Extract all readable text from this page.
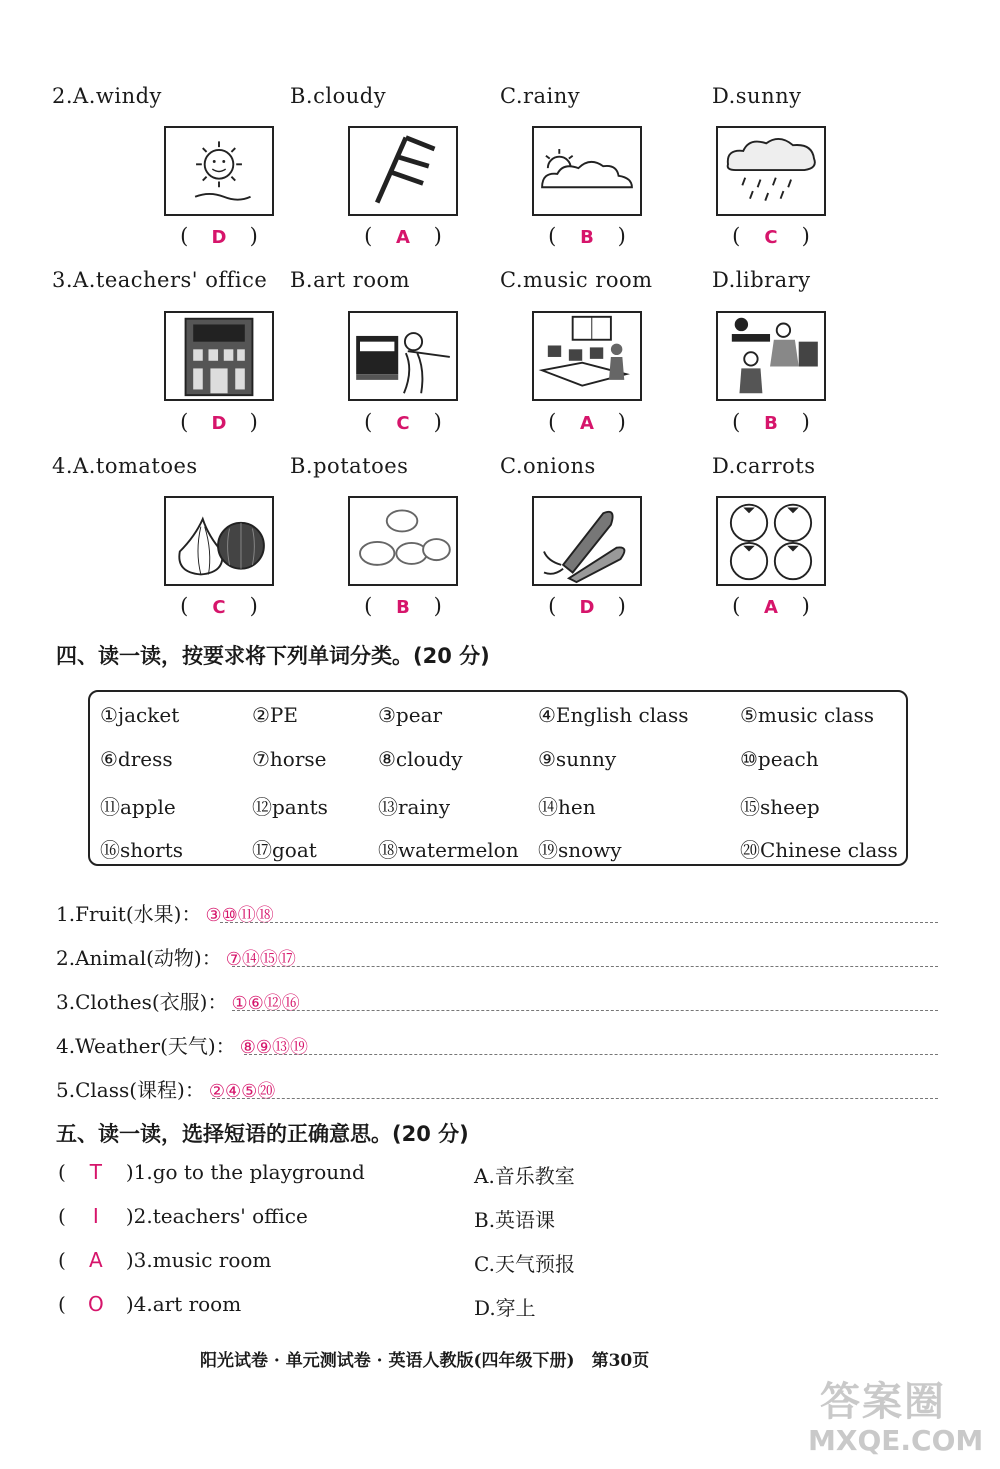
2.A.windy	B.cloudy	C.rainy	D.sunny
( D )	( A )	( B )	( C )
3.A.teachers' office B.art room	C.music room	D.library
( D )	( C )	( A )	( B )
4.A.tomatoes	B.potatoes	C.onions	D.carrots
( C )	( B )	( D )	( A )
四、读一读，按要求将下列单词分类。(20 分)
①jacket	②PE	③pear	④English class	⑤music class
⑥dress	⑦horse	⑧cloudy	⑨sunny	⑩peach
⑪apple	⑫pants	⑬rainy	⑭hen	⑮sheep
⑯shorts	⑰goat	⑱watermelon ⑲snowy	⑳Chinese class
1.Fruit(水果)： ③⑩⑪⑱
2.Animal(动物)： ⑦⑭⑮⑰
3.Clothes(衣服)： ①⑥⑫⑯
4.Weather(天气)： ⑧⑨⑬⑲
5.Class(课程)： ②④⑤⑳
五、读一读，选择短语的正确意思。(20 分)
( T )1.go to the playground	A.音乐教室
( I )2.teachers' office	B.英语课
( A )3.music room	C.天气预报
( O )4.art room	D.穿上
阳光试卷 · 单元测试卷 · 英语人教版(四年级下册)　第30页
答案圈
MXQE.COM
